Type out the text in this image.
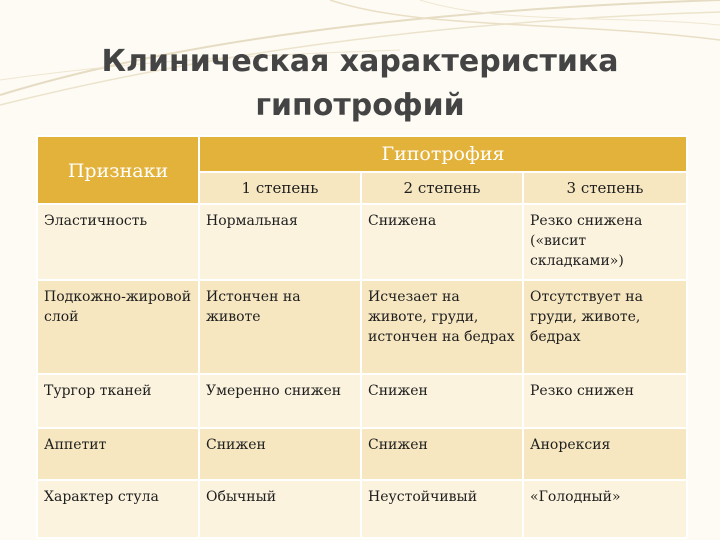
Клиническая характеристика
гипотрофий
Признаки	Гипотрофия		
	1 степень	2 степень	3 степень
Эластичность	Нормальная	Снижена	Резко снижена («висит складками»)
Подкожно-жировой слой	Истончен на животе	Исчезает на животе, груди, истончен на бедрах	Отсутствует на груди, животе, бедрах
Тургор тканей	Умеренно снижен	Снижен	Резко снижен
Аппетит	Снижен	Снижен	Анорексия
Характер стула	Обычный	Неустойчивый	«Голодный»
